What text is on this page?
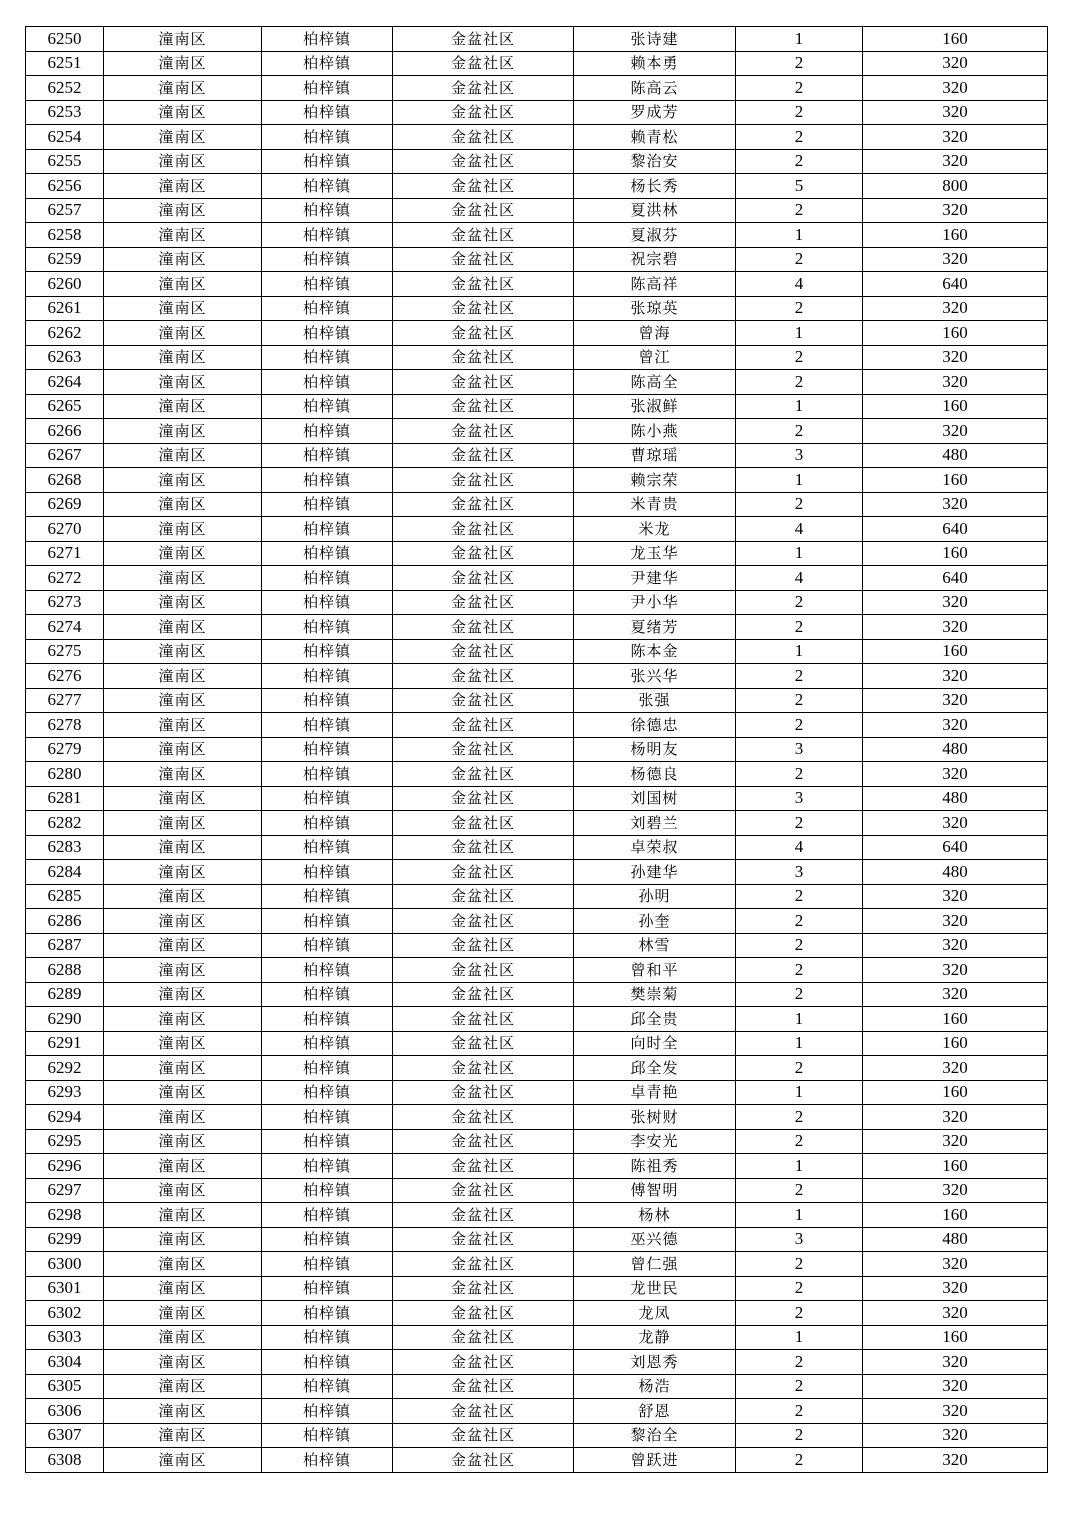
6250	潼南区	柏梓镇	金盆社区	张诗建	1	160
6251	潼南区	柏梓镇	金盆社区	赖本勇	2	320
6252	潼南区	柏梓镇	金盆社区	陈高云	2	320
6253	潼南区	柏梓镇	金盆社区	罗成芳	2	320
6254	潼南区	柏梓镇	金盆社区	赖青松	2	320
6255	潼南区	柏梓镇	金盆社区	黎治安	2	320
6256	潼南区	柏梓镇	金盆社区	杨长秀	5	800
6257	潼南区	柏梓镇	金盆社区	夏洪林	2	320
6258	潼南区	柏梓镇	金盆社区	夏淑芬	1	160
6259	潼南区	柏梓镇	金盆社区	祝宗碧	2	320
6260	潼南区	柏梓镇	金盆社区	陈高祥	4	640
6261	潼南区	柏梓镇	金盆社区	张琼英	2	320
6262	潼南区	柏梓镇	金盆社区	曾海	1	160
6263	潼南区	柏梓镇	金盆社区	曾江	2	320
6264	潼南区	柏梓镇	金盆社区	陈高全	2	320
6265	潼南区	柏梓镇	金盆社区	张淑鲜	1	160
6266	潼南区	柏梓镇	金盆社区	陈小燕	2	320
6267	潼南区	柏梓镇	金盆社区	曹琼瑶	3	480
6268	潼南区	柏梓镇	金盆社区	赖宗荣	1	160
6269	潼南区	柏梓镇	金盆社区	米青贵	2	320
6270	潼南区	柏梓镇	金盆社区	米龙	4	640
6271	潼南区	柏梓镇	金盆社区	龙玉华	1	160
6272	潼南区	柏梓镇	金盆社区	尹建华	4	640
6273	潼南区	柏梓镇	金盆社区	尹小华	2	320
6274	潼南区	柏梓镇	金盆社区	夏绪芳	2	320
6275	潼南区	柏梓镇	金盆社区	陈本金	1	160
6276	潼南区	柏梓镇	金盆社区	张兴华	2	320
6277	潼南区	柏梓镇	金盆社区	张强	2	320
6278	潼南区	柏梓镇	金盆社区	徐德忠	2	320
6279	潼南区	柏梓镇	金盆社区	杨明友	3	480
6280	潼南区	柏梓镇	金盆社区	杨德良	2	320
6281	潼南区	柏梓镇	金盆社区	刘国树	3	480
6282	潼南区	柏梓镇	金盆社区	刘碧兰	2	320
6283	潼南区	柏梓镇	金盆社区	卓荣叔	4	640
6284	潼南区	柏梓镇	金盆社区	孙建华	3	480
6285	潼南区	柏梓镇	金盆社区	孙明	2	320
6286	潼南区	柏梓镇	金盆社区	孙奎	2	320
6287	潼南区	柏梓镇	金盆社区	林雪	2	320
6288	潼南区	柏梓镇	金盆社区	曾和平	2	320
6289	潼南区	柏梓镇	金盆社区	樊崇菊	2	320
6290	潼南区	柏梓镇	金盆社区	邱全贵	1	160
6291	潼南区	柏梓镇	金盆社区	向时全	1	160
6292	潼南区	柏梓镇	金盆社区	邱全发	2	320
6293	潼南区	柏梓镇	金盆社区	卓青艳	1	160
6294	潼南区	柏梓镇	金盆社区	张树财	2	320
6295	潼南区	柏梓镇	金盆社区	李安光	2	320
6296	潼南区	柏梓镇	金盆社区	陈祖秀	1	160
6297	潼南区	柏梓镇	金盆社区	傅智明	2	320
6298	潼南区	柏梓镇	金盆社区	杨林	1	160
6299	潼南区	柏梓镇	金盆社区	巫兴德	3	480
6300	潼南区	柏梓镇	金盆社区	曾仁强	2	320
6301	潼南区	柏梓镇	金盆社区	龙世民	2	320
6302	潼南区	柏梓镇	金盆社区	龙凤	2	320
6303	潼南区	柏梓镇	金盆社区	龙静	1	160
6304	潼南区	柏梓镇	金盆社区	刘恩秀	2	320
6305	潼南区	柏梓镇	金盆社区	杨浩	2	320
6306	潼南区	柏梓镇	金盆社区	舒恩	2	320
6307	潼南区	柏梓镇	金盆社区	黎治全	2	320
6308	潼南区	柏梓镇	金盆社区	曾跃进	2	320
